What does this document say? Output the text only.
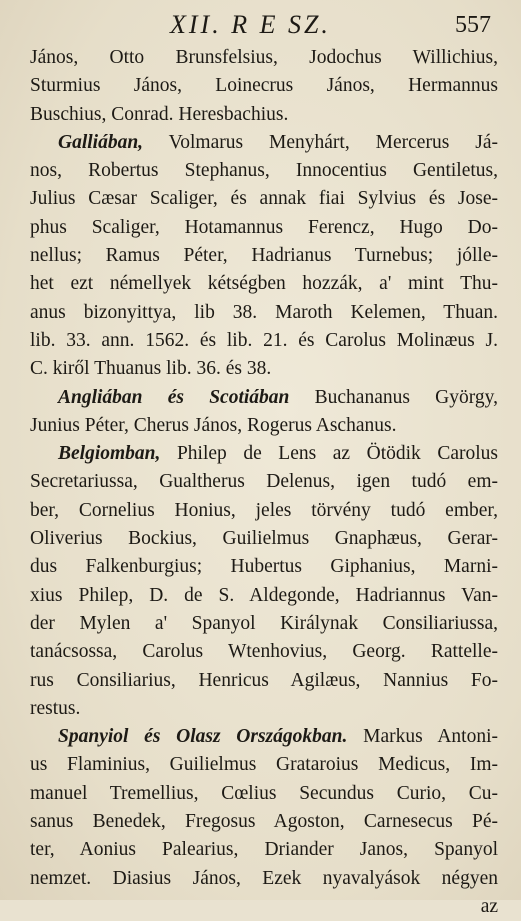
XII. R E SZ.	557
János, Otto Brunsfelsius, Jodochus Willichius,
Sturmius János, Loinecrus János, Hermannus
Buschius, Conrad. Heresbachius.
Galliában, Volmarus Menyhárt, Mercerus Já-
nos, Robertus Stephanus, Innocentius Gentiletus,
Julius Cæsar Scaliger, és annak fiai Sylvius és Jose-
phus Scaliger, Hotamannus Ferencz, Hugo Do-
nellus; Ramus Péter, Hadrianus Turnebus; jólle-
het ezt némellyek kétségben hozzák, a' mint Thu-
anus bizonyittya, lib 38. Maroth Kelemen, Thuan.
lib. 33. ann. 1562. és lib. 21. és Carolus Molinæus J.
C. kiről Thuanus lib. 36. és 38.
Angliában és Scotiában Buchananus György,
Junius Péter, Cherus János, Rogerus Aschanus.
Belgiomban, Philep de Lens az Ötödik Carolus
Secretariussa, Gualtherus Delenus, igen tudó em-
ber, Cornelius Honius, jeles törvény tudó ember,
Oliverius Bockius, Guilielmus Gnaphæus, Gerar-
dus Falkenburgius; Hubertus Giphanius, Marni-
xius Philep, D. de S. Aldegonde, Hadriannus Van-
der Mylen a' Spanyol Királynak Consiliariussa,
tanácsossa, Carolus Wtenhovius, Georg. Rattelle-
rus Consiliarius, Henricus Agilæus, Nannius Fo-
restus.
Spanyiol és Olasz Országokban. Markus Antoni-
us Flaminius, Guilielmus Grataroius Medicus, Im-
manuel Tremellius, Cœlius Secundus Curio, Cu-
sanus Benedek, Fregosus Agoston, Carnesecus Pé-
ter, Aonius Palearius, Driander Janos, Spanyol
nemzet. Diasius János, Ezek nyavalyások négyen
az
